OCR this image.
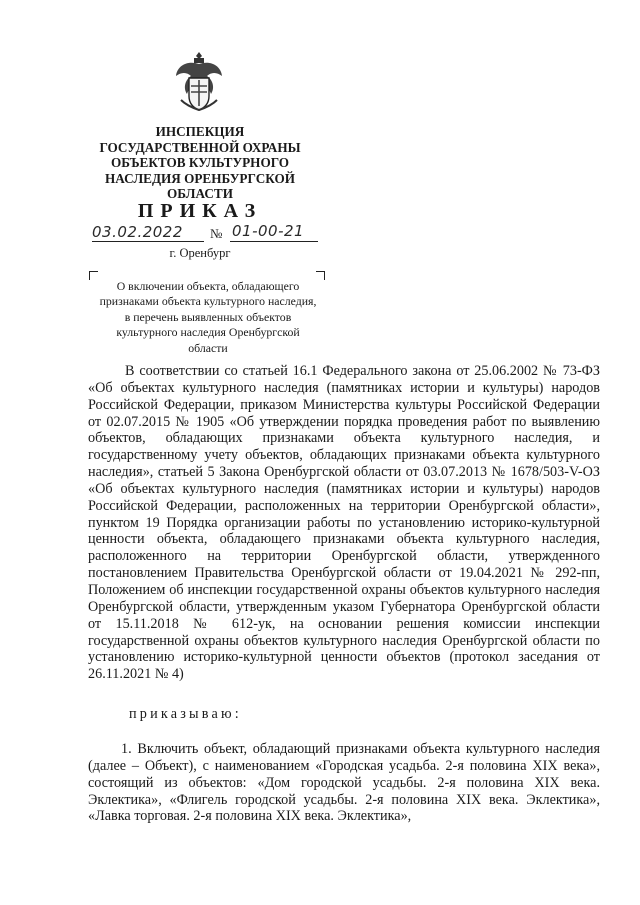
ИНСПЕКЦИЯ ГОСУДАРСТВЕННОЙ ОХРАНЫ ОБЪЕКТОВ КУЛЬТУРНОГО НАСЛЕДИЯ ОРЕНБУРГСКОЙ ОБЛАСТИ
ПРИКАЗ
03.02.2022 № 01-00-21
г. Оренбург
О включении объекта, обладающего признаками объекта культурного наследия, в перечень выявленных объектов культурного наследия Оренбургской области

В соответствии со статьей 16.1 Федерального закона от 25.06.2002 № 73-ФЗ «Об объектах культурного наследия (памятниках истории и культуры) народов Российской Федерации, приказом Министерства культуры Российской Федерации от 02.07.2015 № 1905 «Об утверждении порядка проведения работ по выявлению объектов, обладающих признаками объекта культурного наследия, и государственному учету объектов, обладающих признаками объекта культурного наследия», статьей 5 Закона Оренбургской области от 03.07.2013 № 1678/503-V-ОЗ «Об объектах культурного наследия (памятниках истории и культуры) народов Российской Федерации, расположенных на территории Оренбургской области», пунктом 19 Порядка организации работы по установлению историко-культурной ценности объекта, обладающего признаками объекта культурного наследия, расположенного на территории Оренбургской области, утвержденного постановлением Правительства Оренбургской области от 19.04.2021 № 292-пп, Положением об инспекции государственной охраны объектов культурного наследия Оренбургской области, утвержденным указом Губернатора Оренбургской области от 15.11.2018 № 612-ук, на основании решения комиссии инспекции государственной охраны объектов культурного наследия Оренбургской области по установлению историко-культурной ценности объектов (протокол заседания от 26.11.2021 № 4)

приказываю:

1. Включить объект, обладающий признаками объекта культурного наследия (далее – Объект), с наименованием «Городская усадьба. 2-я половина XIX века», состоящий из объектов: «Дом городской усадьбы. 2-я половина XIX века. Эклектика», «Флигель городской усадьбы. 2-я половина XIX века. Эклектика», «Лавка торговая. 2-я половина XIX века. Эклектика»,
